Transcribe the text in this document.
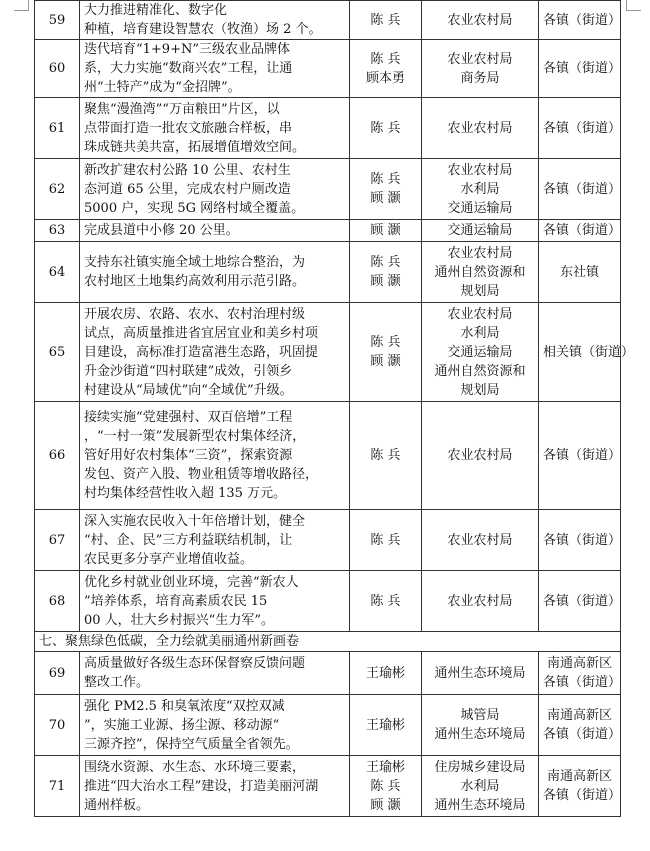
59	大力推进精准化、数字化
种植，培育建设智慧农（牧渔）场 2 个。	陈 兵	农业农村局	各镇（街道）

60	迭代培育“1+9+N”三级农业品牌体
系，大力实施“数商兴农”工程，让通
州“土特产”成为“金招牌”。	陈 兵
顾本勇	农业农村局
商务局	各镇（街道）

61	聚焦“漫渔湾”“万亩粮田”片区，以
点带面打造一批农文旅融合样板，串
珠成链共美共富，拓展增值增效空间。	陈 兵	农业农村局	各镇（街道）

62	新改扩建农村公路 10 公里、农村生
态河道 65 公里，完成农村户厕改造
5000 户，实现 5G 网络村域全覆盖。	陈 兵
顾 灏	农业农村局
水利局
交通运输局	各镇（街道）

63	完成县道中小修 20 公里。	顾 灏	交通运输局	各镇（街道）

64	支持东社镇实施全域土地综合整治，为
农村地区土地集约高效利用示范引路。	陈 兵
顾 灏	农业农村局
通州自然资源和
规划局	东社镇

65	开展农房、农路、农水、农村治理村级
试点，高质量推进省宜居宜业和美乡村项
目建设，高标准打造富港生态路，巩固提
升金沙街道“四村联建”成效，引领乡
村建设从“局域优”向“全域优”升级。	陈 兵
顾 灏	农业农村局
水利局
交通运输局
通州自然资源和
规划局	相关镇（街道）

66	接续实施“党建强村、双百倍增”工程
，“一村一策”发展新型农村集体经济，
管好用好农村集体“三资”，探索资源
发包、资产入股、物业租赁等增收路径，
村均集体经营性收入超 135 万元。	陈 兵	农业农村局	各镇（街道）

67	深入实施农民收入十年倍增计划，健全
“村、企、民”三方利益联结机制，让
农民更多分享产业增值收益。	陈 兵	农业农村局	各镇（街道）

68	优化乡村就业创业环境，完善“新农人
”培养体系，培育高素质农民 15
00 人，壮大乡村振兴“生力军”。	陈 兵	农业农村局	各镇（街道）

七、聚焦绿色低碳，全力绘就美丽通州新画卷				
69	高质量做好各级生态环保督察反馈问题
整改工作。	王瑜彬	通州生态环境局	南通高新区
各镇（街道）

70	强化 PM2.5 和臭氧浓度“双控双减
”，实施工业源、扬尘源、移动源“
三源齐控”，保持空气质量全省领先。	王瑜彬	城管局
通州生态环境局	南通高新区
各镇（街道）

71	围绕水资源、水生态、水环境三要素，
推进“四大治水工程”建设，打造美丽河湖
通州样板。	王瑜彬
陈 兵
顾 灏	住房城乡建设局
水利局
通州生态环境局	南通高新区
各镇（街道）
